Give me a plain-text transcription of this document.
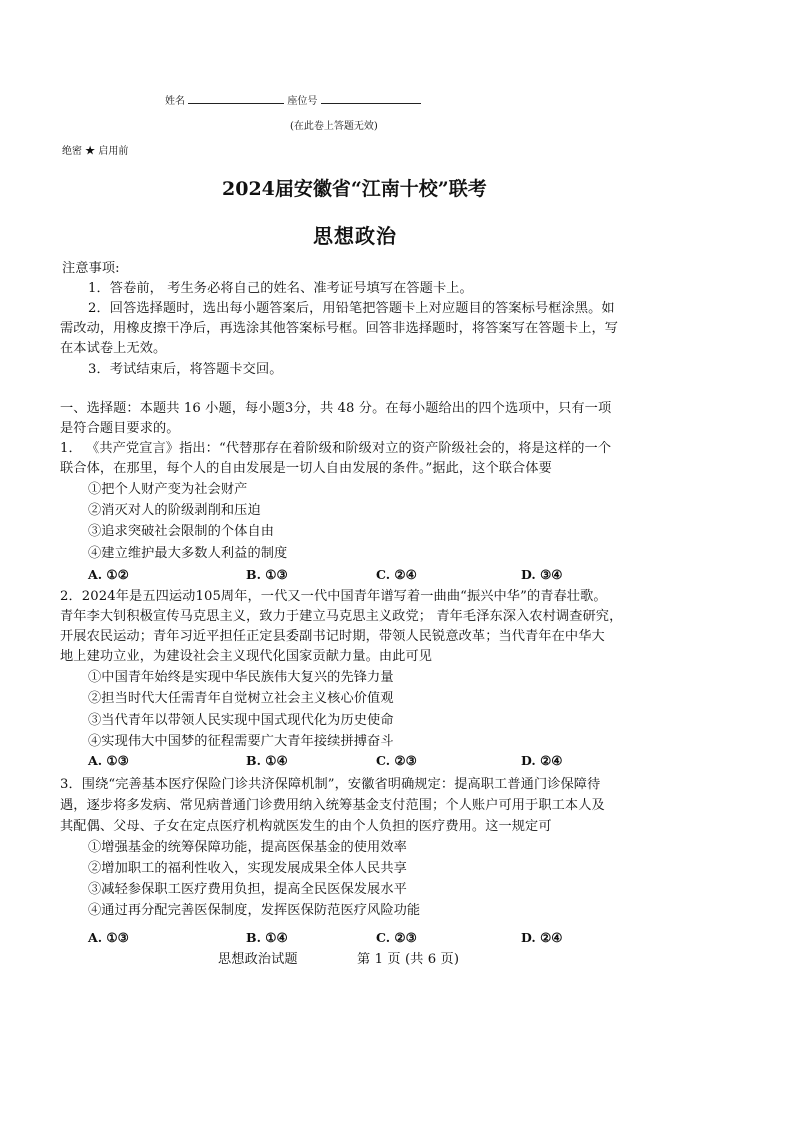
姓名	座位号
(在此卷上答题无效)
绝密 ★ 启用前
2024届安徽省“江南十校”联考
思想政治
注意事项:
1．答卷前， 考生务必将自己的姓名、准考证号填写在答题卡上。
2．回答选择题时，选出每小题答案后，用铅笔把答题卡上对应题目的答案标号框涂黑。如
需改动，用橡皮擦干净后，再选涂其他答案标号框。回答非选择题时，将答案写在答题卡上，写
在本试卷上无效。
3．考试结束后，将答题卡交回。
一、选择题：本题共 16 小题，每小题3分，共 48 分。在每小题给出的四个选项中，只有一项
是符合题目要求的。
1． 《共产党宣言》指出：“代替那存在着阶级和阶级对立的资产阶级社会的，将是这样的一个
联合体，在那里，每个人的自由发展是一切人自由发展的条件。”据此，这个联合体要
①把个人财产变为社会财产
②消灭对人的阶级剥削和压迫
③追求突破社会限制的个体自由
④建立维护最大多数人利益的制度
A. ①②	B. ①③	C. ②④	D. ③④
2．2024年是五四运动105周年，一代又一代中国青年谱写着一曲曲“振兴中华”的青春壮歌。
青年李大钊积极宣传马克思主义，致力于建立马克思主义政党； 青年毛泽东深入农村调查研究，
开展农民运动；青年习近平担任正定县委副书记时期，带领人民锐意改革；当代青年在中华大
地上建功立业，为建设社会主义现代化国家贡献力量。由此可见
①中国青年始终是实现中华民族伟大复兴的先锋力量
②担当时代大任需青年自觉树立社会主义核心价值观
③当代青年以带领人民实现中国式现代化为历史使命
④实现伟大中国梦的征程需要广大青年接续拼搏奋斗
A. ①③	B. ①④	C. ②③	D. ②④
3．围绕“完善基本医疗保险门诊共济保障机制”，安徽省明确规定：提高职工普通门诊保障待
遇，逐步将多发病、常见病普通门诊费用纳入统筹基金支付范围；个人账户可用于职工本人及
其配偶、父母、子女在定点医疗机构就医发生的由个人负担的医疗费用。这一规定可
①增强基金的统筹保障功能，提高医保基金的使用效率
②增加职工的福利性收入，实现发展成果全体人民共享
③减轻参保职工医疗费用负担，提高全民医保发展水平
④通过再分配完善医保制度，发挥医保防范医疗风险功能
A. ①③	B. ①④	C. ②③	D. ②④
思想政治试题	第 1 页 (共 6 页)
